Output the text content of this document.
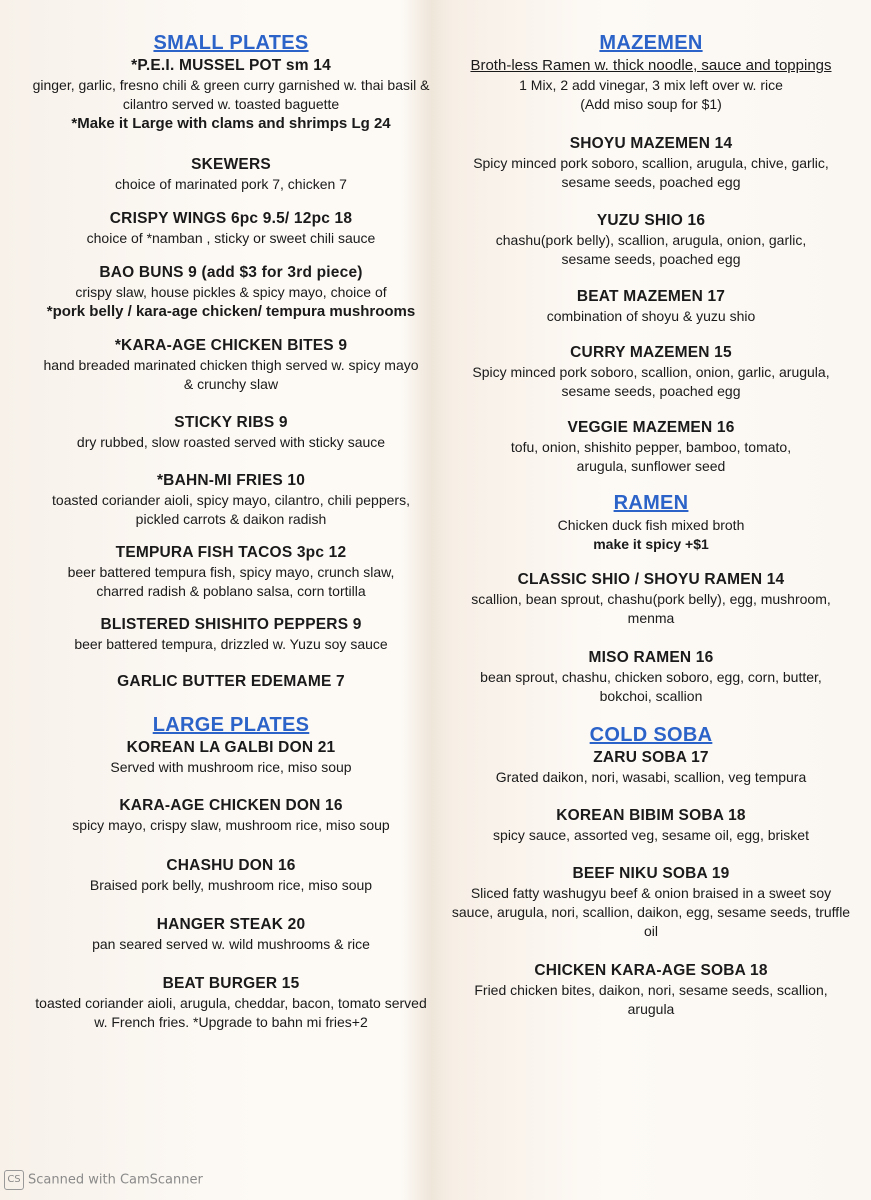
SMALL PLATES
*P.E.I. MUSSEL POT sm 14
ginger, garlic, fresno chili & green curry garnished w. thai basil & cilantro served w. toasted baguette
*Make it Large with clams and shrimps Lg 24
SKEWERS
choice of marinated pork 7, chicken 7
CRISPY WINGS 6pc 9.5/ 12pc 18
choice of *namban , sticky or sweet chili sauce
BAO BUNS 9 (add $3 for 3rd piece)
crispy slaw, house pickles & spicy mayo, choice of
*pork belly / kara-age chicken/ tempura mushrooms
*KARA-AGE CHICKEN BITES 9
hand breaded marinated chicken thigh served w. spicy mayo & crunchy slaw
STICKY RIBS 9
dry rubbed, slow roasted served with sticky sauce
*BAHN-MI FRIES 10
toasted coriander aioli, spicy mayo, cilantro, chili peppers, pickled carrots & daikon radish
TEMPURA FISH TACOS 3pc 12
beer battered tempura fish, spicy mayo, crunch slaw, charred radish & poblano salsa, corn tortilla
BLISTERED SHISHITO PEPPERS 9
beer battered tempura, drizzled w. Yuzu soy sauce
GARLIC BUTTER EDEMAME 7
LARGE PLATES
KOREAN LA GALBI DON 21
Served with mushroom rice, miso soup
KARA-AGE CHICKEN DON 16
spicy mayo, crispy slaw, mushroom rice, miso soup
CHASHU DON 16
Braised pork belly, mushroom rice, miso soup
HANGER STEAK 20
pan seared served w. wild mushrooms & rice
BEAT BURGER 15
toasted coriander aioli, arugula, cheddar, bacon, tomato served w. French fries. *Upgrade to bahn mi fries+2
MAZEMEN
Broth-less Ramen w. thick noodle, sauce and toppings
1 Mix, 2 add vinegar, 3 mix left over w. rice
(Add miso soup for $1)
SHOYU MAZEMEN 14
Spicy minced pork soboro, scallion, arugula, chive, garlic, sesame seeds, poached egg
YUZU SHIO 16
chashu(pork belly), scallion, arugula, onion, garlic, sesame seeds, poached egg
BEAT MAZEMEN 17
combination of shoyu & yuzu shio
CURRY MAZEMEN 15
Spicy minced pork soboro, scallion, onion, garlic, arugula, sesame seeds, poached egg
VEGGIE MAZEMEN 16
tofu, onion, shishito pepper, bamboo, tomato, arugula, sunflower seed
RAMEN
Chicken duck fish mixed broth
make it spicy +$1
CLASSIC SHIO / SHOYU RAMEN 14
scallion, bean sprout, chashu(pork belly), egg, mushroom, menma
MISO RAMEN 16
bean sprout, chashu, chicken soboro, egg, corn, butter, bokchoi, scallion
COLD SOBA
ZARU SOBA 17
Grated daikon, nori, wasabi, scallion, veg tempura
KOREAN BIBIM SOBA 18
spicy sauce, assorted veg, sesame oil, egg, brisket
BEEF NIKU SOBA 19
Sliced fatty washugyu beef & onion braised in a sweet soy sauce, arugula, nori, scallion, daikon, egg, sesame seeds, truffle oil
CHICKEN KARA-AGE SOBA 18
Fried chicken bites, daikon, nori, sesame seeds, scallion, arugula
CS Scanned with CamScanner
